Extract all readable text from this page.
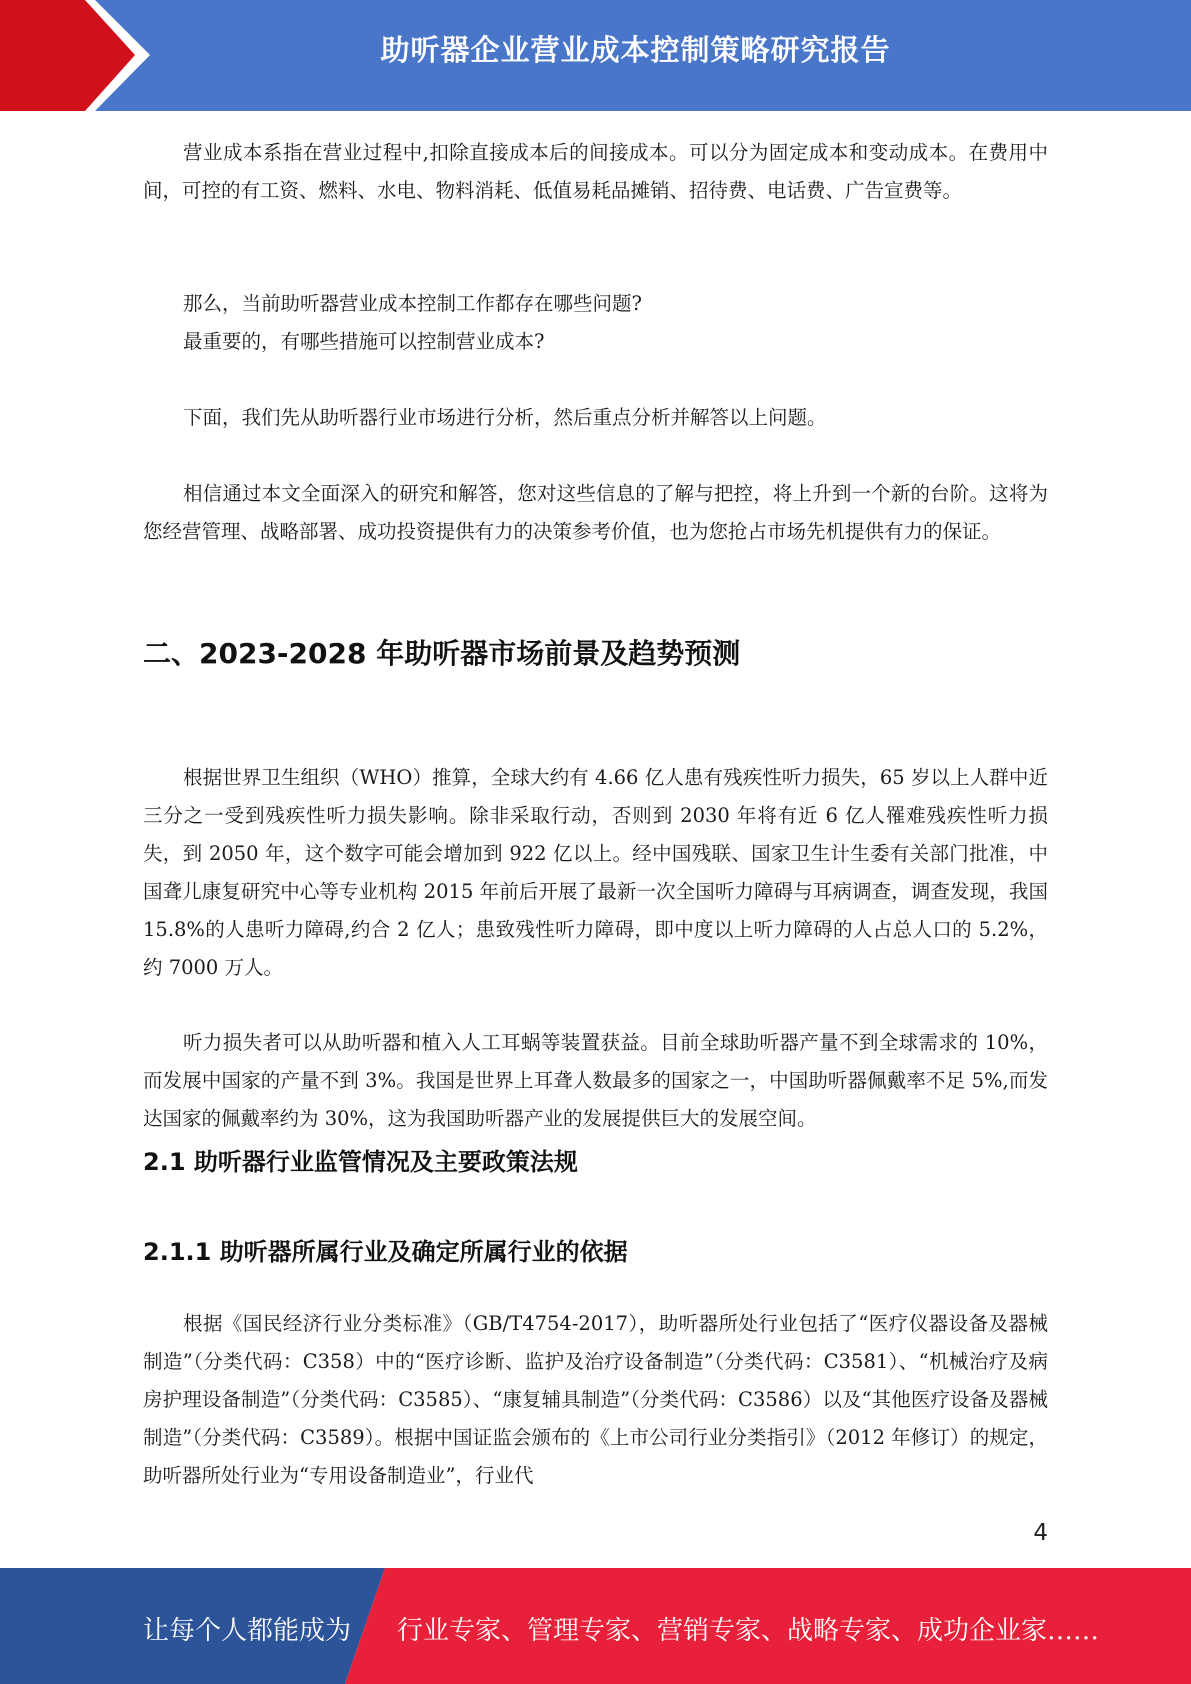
助听器企业营业成本控制策略研究报告

营业成本系指在营业过程中,扣除直接成本后的间接成本。可以分为固定成本和变动成本。在费用中间，可控的有工资、燃料、水电、物料消耗、低值易耗品摊销、招待费、电话费、广告宣费等。

那么，当前助听器营业成本控制工作都存在哪些问题?

最重要的，有哪些措施可以控制营业成本?

下面，我们先从助听器行业市场进行分析，然后重点分析并解答以上问题。

相信通过本文全面深入的研究和解答，您对这些信息的了解与把控，将上升到一个新的台阶。这将为您经营管理、战略部署、成功投资提供有力的决策参考价值，也为您抢占市场先机提供有力的保证。

二、2023-2028 年助听器市场前景及趋势预测

根据世界卫生组织（WHO）推算，全球大约有 4.66 亿人患有残疾性听力损失，65 岁以上人群中近三分之一受到残疾性听力损失影响。除非采取行动，否则到 2030 年将有近 6 亿人罹难残疾性听力损失，到 2050 年，这个数字可能会增加到 922 亿以上。经中国残联、国家卫生计生委有关部门批准，中国聋儿康复研究中心等专业机构 2015 年前后开展了最新一次全国听力障碍与耳病调查，调查发现，我国 15.8%的人患听力障碍,约合 2 亿人；患致残性听力障碍，即中度以上听力障碍的人占总人口的 5.2%，约 7000 万人。

听力损失者可以从助听器和植入人工耳蜗等装置获益。目前全球助听器产量不到全球需求的 10%，而发展中国家的产量不到 3%。我国是世界上耳聋人数最多的国家之一，中国助听器佩戴率不足 5%,而发达国家的佩戴率约为 30%，这为我国助听器产业的发展提供巨大的发展空间。

2.1 助听器行业监管情况及主要政策法规
2.1.1 助听器所属行业及确定所属行业的依据

根据《国民经济行业分类标准》（GB/T4754-2017），助听器所处行业包括了“医疗仪器设备及器械制造”（分类代码：C358）中的“医疗诊断、监护及治疗设备制造”（分类代码：C3581）、“机械治疗及病房护理设备制造”（分类代码：C3585）、“康复辅具制造”（分类代码：C3586）以及“其他医疗设备及器械制造”（分类代码：C3589）。根据中国证监会颁布的《上市公司行业分类指引》（2012 年修订）的规定，助听器所处行业为“专用设备制造业”，行业代

4
让每个人都能成为 行业专家、管理专家、营销专家、战略专家、成功企业家……
